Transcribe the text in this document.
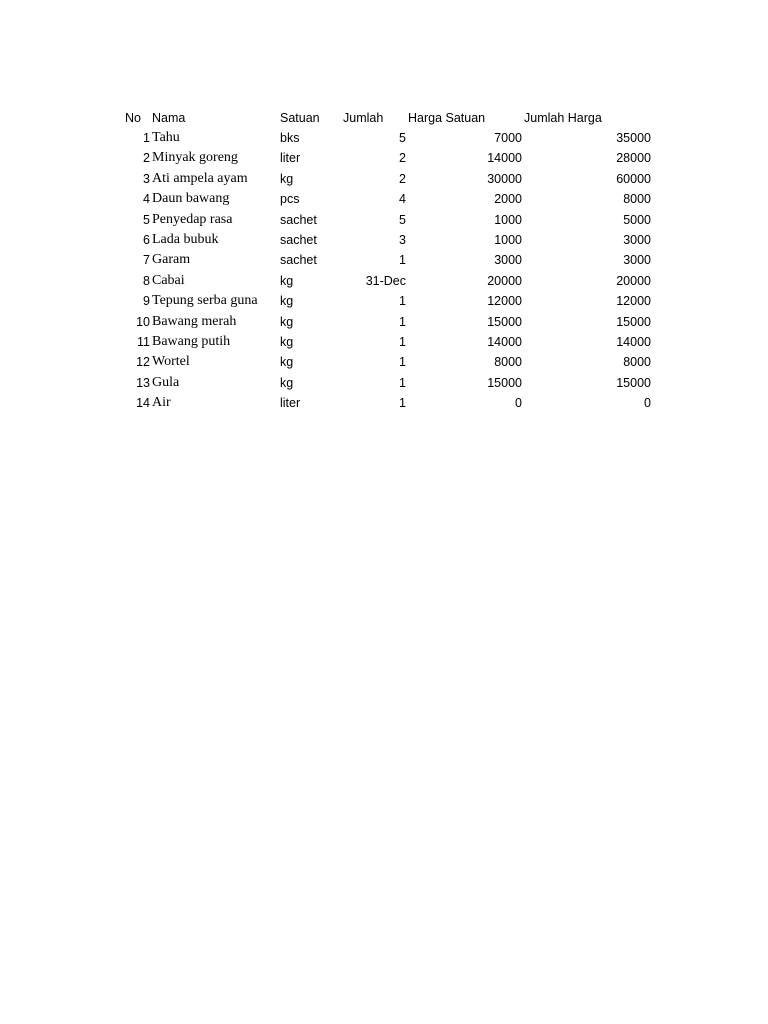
No Nama	Satuan	Jumlah	Harga Satuan	Jumlah Harga
1 Tahu	bks	5	7000	35000
2 Minyak goreng	liter	2	14000	28000
3 Ati ampela ayam	kg	2	30000	60000
4 Daun bawang	pcs	4	2000	8000
5 Penyedap rasa	sachet	5	1000	5000
6 Lada bubuk	sachet	3	1000	3000
7 Garam	sachet	1	3000	3000
8 Cabai	kg	31-Dec	20000	20000
9 Tepung serba guna	kg	1	12000	12000
10 Bawang merah	kg	1	15000	15000
11 Bawang putih	kg	1	14000	14000
12 Wortel	kg	1	8000	8000
13 Gula	kg	1	15000	15000
14 Air	liter	1	0	0
